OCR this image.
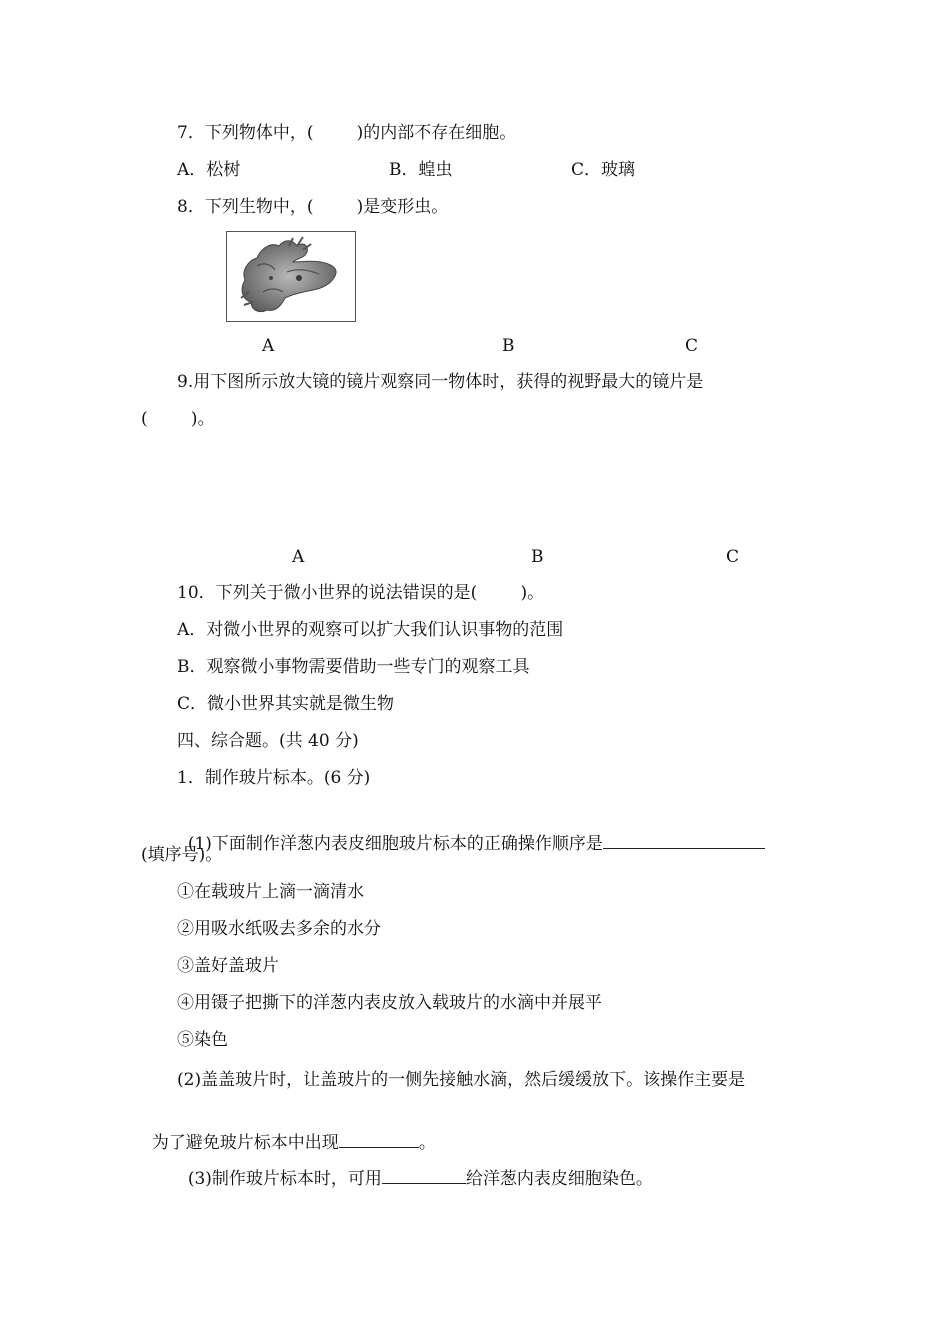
7．下列物体中，(        )的内部不存在细胞。
A．松树	B．蝗虫	C．玻璃
8．下列生物中，(        )是变形虫。
A	B	C
9.用下图所示放大镜的镜片观察同一物体时，获得的视野最大的镜片是
(        )。
A	B	C
10．下列关于微小世界的说法错误的是(        )。
A．对微小世界的观察可以扩大我们认识事物的范围
B．观察微小事物需要借助一些专门的观察工具
C．微小世界其实就是微生物
四、综合题。(共 40 分)
1．制作玻片标本。(6 分)

(1)下面制作洋葱内表皮细胞玻片标本的正确操作顺序是

(填序号)。
①在载玻片上滴一滴清水
②用吸水纸吸去多余的水分
③盖好盖玻片
④用镊子把撕下的洋葱内表皮放入载玻片的水滴中并展平
⑤染色
(2)盖盖玻片时，让盖玻片的一侧先接触水滴，然后缓缓放下。该操作主要是

为了避免玻片标本中出现	。

(3)制作玻片标本时，可用	给洋葱内表皮细胞染色。
